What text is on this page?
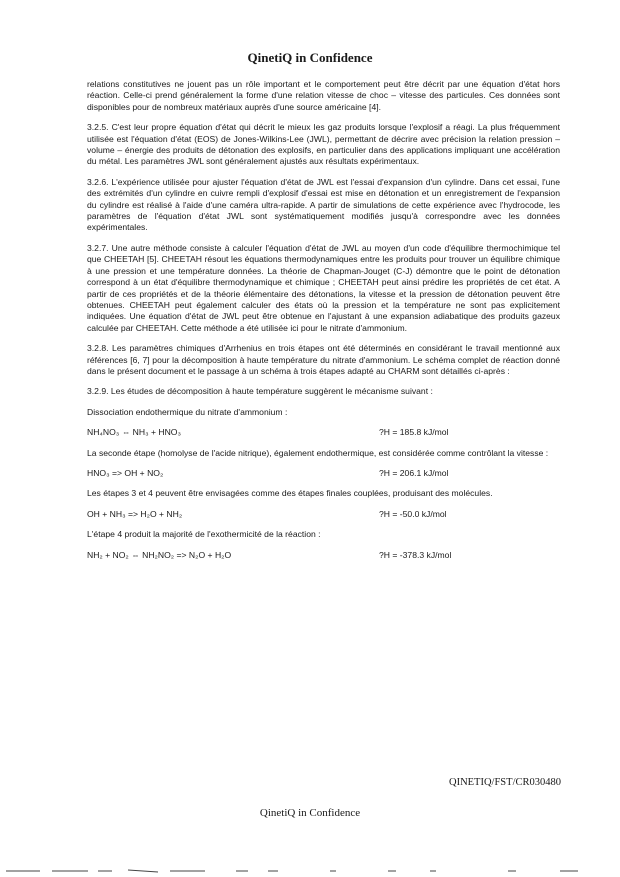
QinetiQ in Confidence

relations constitutives ne jouent pas un rôle important et le comportement peut être décrit par une équation d'état hors réaction. Celle-ci prend généralement la forme d'une relation vitesse de choc – vitesse des particules. Ces données sont disponibles pour de nombreux matériaux auprès d'une source américaine [4].

3.2.5. C'est leur propre équation d'état qui décrit le mieux les gaz produits lorsque l'explosif a réagi. La plus fréquemment utilisée est l'équation d'état (EOS) de Jones-Wilkins-Lee (JWL), permettant de décrire avec précision la relation pression – volume – énergie des produits de détonation des explosifs, en particulier dans des applications impliquant une accélération du métal. Les paramètres JWL sont généralement ajustés aux résultats expérimentaux.

3.2.6. L'expérience utilisée pour ajuster l'équation d'état de JWL est l'essai d'expansion d'un cylindre. Dans cet essai, l'une des extrémités d'un cylindre en cuivre rempli d'explosif d'essai est mise en détonation et un enregistrement de l'expansion du cylindre est réalisé à l'aide d'une caméra ultra-rapide. A partir de simulations de cette expérience avec l'hydrocode, les paramètres de l'équation d'état JWL sont systématiquement modifiés jusqu'à correspondre avec les données expérimentales.

3.2.7. Une autre méthode consiste à calculer l'équation d'état de JWL au moyen d'un code d'équilibre thermochimique tel que CHEETAH [5]. CHEETAH résout les équations thermodynamiques entre les produits pour trouver un équilibre chimique à une pression et une température données. La théorie de Chapman-Jouget (C-J) démontre que le point de détonation correspond à un état d'équilibre thermodynamique et chimique ; CHEETAH peut ainsi prédire les propriétés de cet état. A partir de ces propriétés et de la théorie élémentaire des détonations, la vitesse et la pression de détonation peuvent être obtenues. CHEETAH peut également calculer des états où la pression et la température ne sont pas explicitement indiquées. Une équation d'état de JWL peut être obtenue en l'ajustant à une expansion adiabatique des produits gazeux calculée par CHEETAH. Cette méthode a été utilisée ici pour le nitrate d'ammonium.

3.2.8. Les paramètres chimiques d'Arrhenius en trois étapes ont été déterminés en considérant le travail mentionné aux références [6, 7] pour la décomposition à haute température du nitrate d'ammonium. Le schéma complet de réaction donné dans le présent document et le passage à un schéma à trois étapes adapté au CHARM sont détaillés ci-après :

3.2.9. Les études de décomposition à haute température suggèrent le mécanisme suivant :

Dissociation endothermique du nitrate d'ammonium :

NH₄NO₃ ⇔ NH₃ + HNO₃	?H = 185.8 kJ/mol

La seconde étape (homolyse de l'acide nitrique), également endothermique, est considérée comme contrôlant la vitesse :

HNO₃ => OH + NO₂	?H = 206.1 kJ/mol

Les étapes 3 et 4 peuvent être envisagées comme des étapes finales couplées, produisant des molécules.

OH + NH₃ => H₂O + NH₂	?H = -50.0 kJ/mol

L'étape 4 produit la majorité de l'exothermicité de la réaction :

NH₂ + NO₂ ⇔ NH₂NO₂ => N₂O + H₂O	?H = -378.3 kJ/mol
QINETIQ/FST/CR030480
QinetiQ in Confidence
